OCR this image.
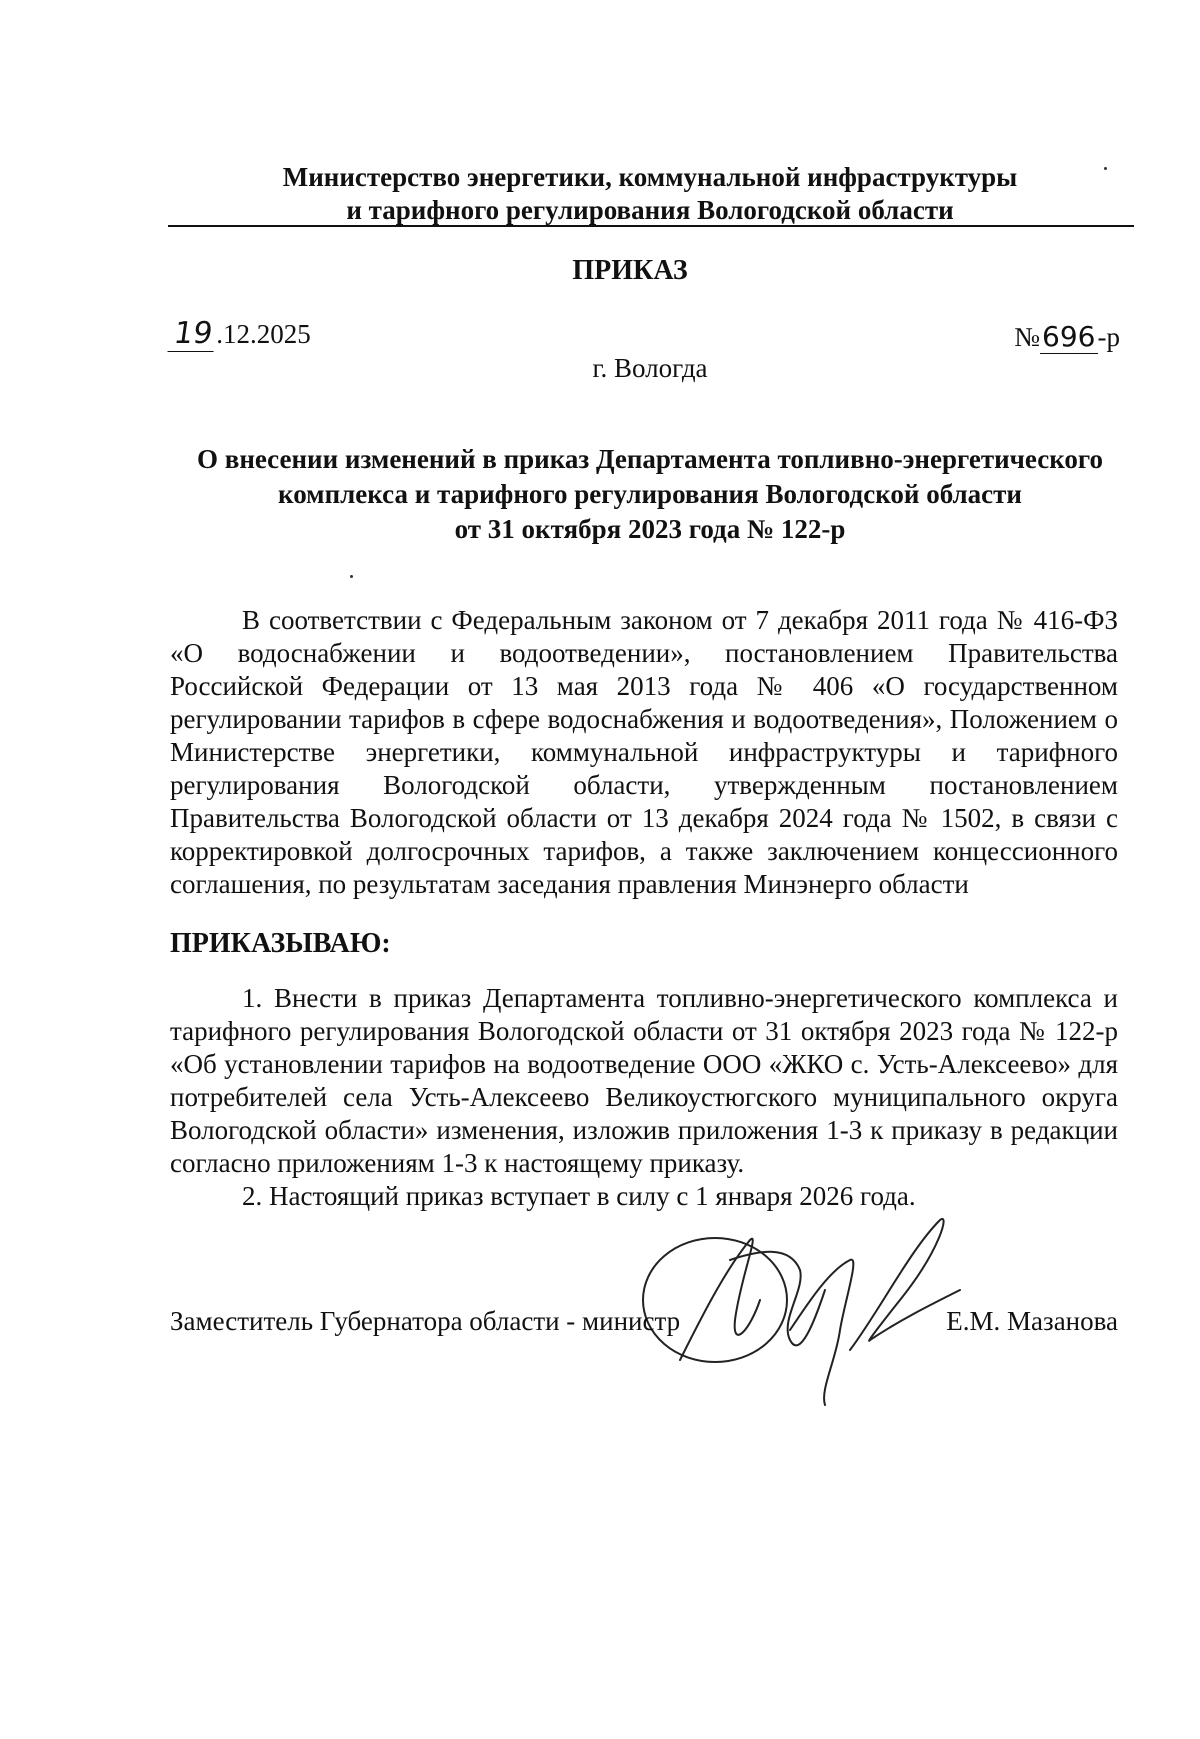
Министерство энергетики, коммунальной инфраструктуры
и тарифного регулирования Вологодской области
ПРИКАЗ
19.12.2025	№696-р
г. Вологда
О внесении изменений в приказ Департамента топливно-энергетического
комплекса и тарифного регулирования Вологодской области
от 31 октября 2023 года № 122-р
В соответствии с Федеральным законом от 7 декабря 2011 года № 416-ФЗ «О водоснабжении и водоотведении», постановлением Правительства Российской Федерации от 13 мая 2013 года № 406 «О государственном регулировании тарифов в сфере водоснабжения и водоотведения», Положением о Министерстве энергетики, коммунальной инфраструктуры и тарифного регулирования Вологодской области, утвержденным постановлением Правительства Вологодской области от 13 декабря 2024 года № 1502, в связи с корректировкой долгосрочных тарифов, а также заключением концессионного соглашения, по результатам заседания правления Минэнерго области
ПРИКАЗЫВАЮ:
1. Внести в приказ Департамента топливно-энергетического комплекса и тарифного регулирования Вологодской области от 31 октября 2023 года № 122-р «Об установлении тарифов на водоотведение ООО «ЖКО с. Усть-Алексеево» для потребителей села Усть-Алексеево Великоустюгского муниципального округа Вологодской области» изменения, изложив приложения 1-3 к приказу в редакции согласно приложениям 1-3 к настоящему приказу.
2. Настоящий приказ вступает в силу с 1 января 2026 года.
Заместитель Губернатора области - министр	Е.М. Мазанова
